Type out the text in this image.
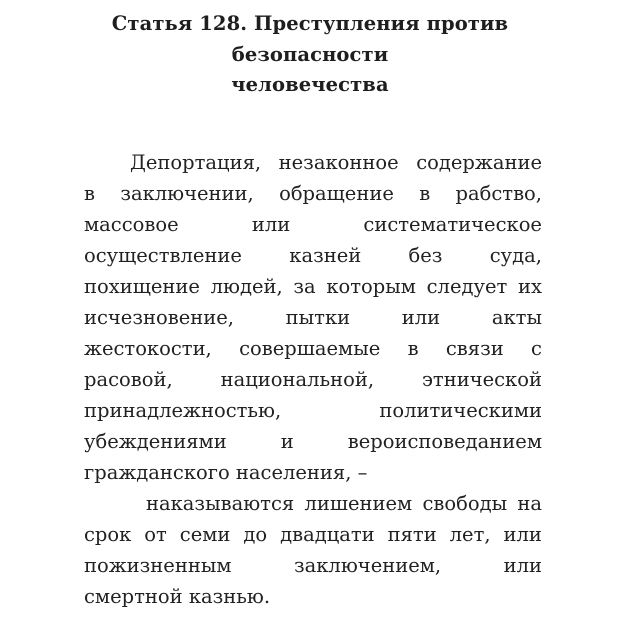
Статья 128. Преступления против
безопасности
человечества
Депортация, незаконное содержание
в заключении, обращение в рабство,
массовое	или	систематическое
осуществление казней без суда,
похищение людей, за которым следует их
исчезновение,	пытки	или	акты
жестокости, совершаемые в связи с
расовой, национальной, этнической
принадлежностью,	политическими
убеждениями	и	вероисповеданием
гражданского населения, –
наказываются лишением свободы на
срок от семи до двадцати пяти лет, или
пожизненным	заключением,	или
смертной казнью.
